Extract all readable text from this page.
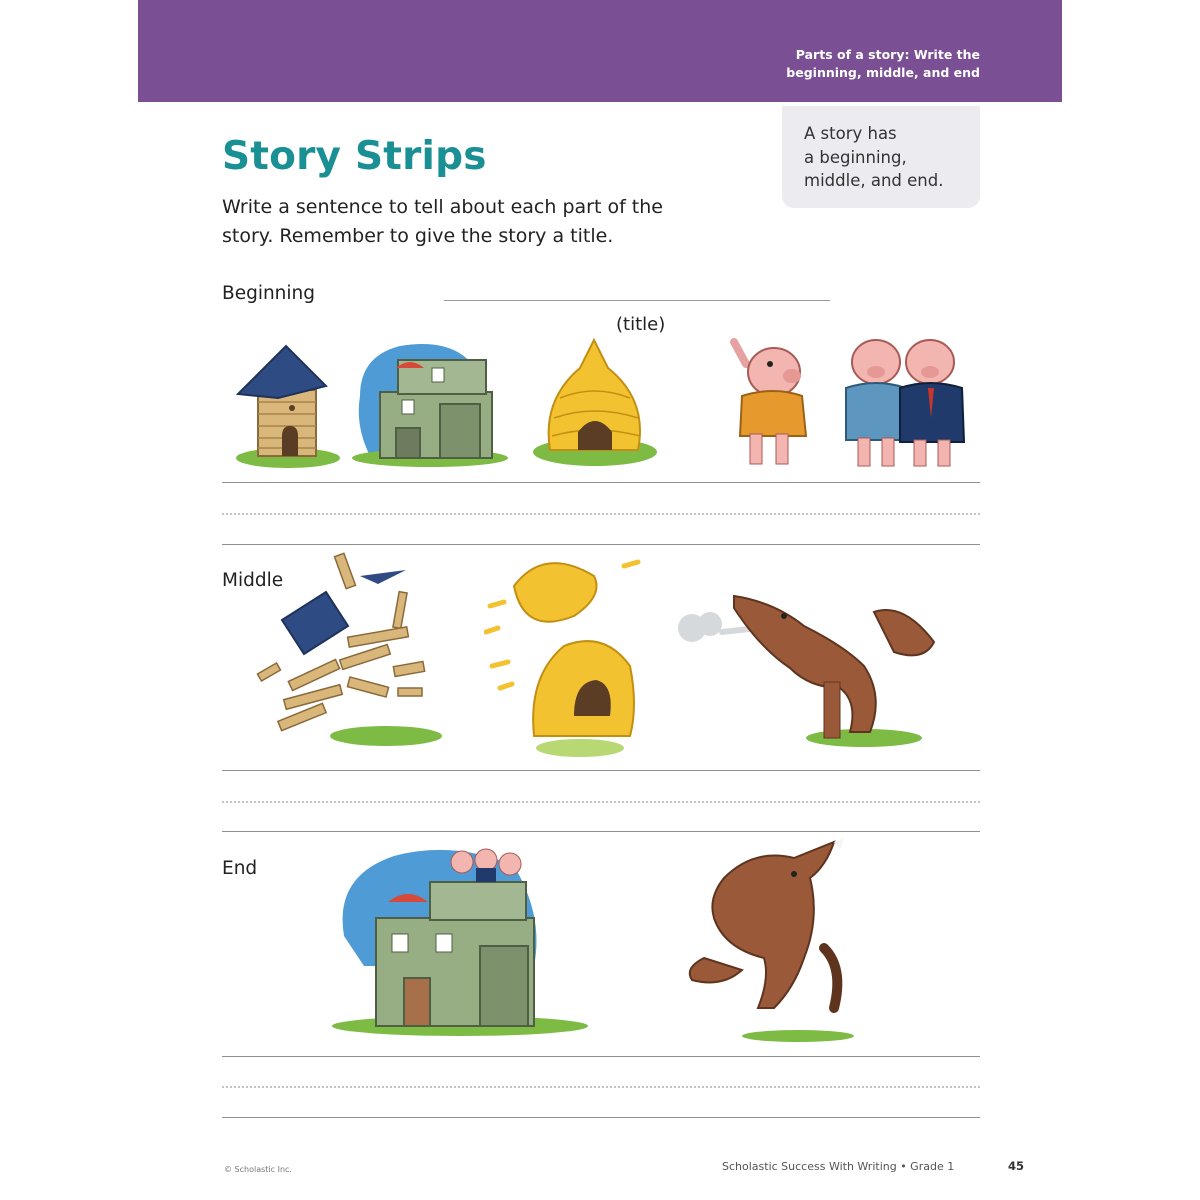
Parts of a story: Write the
beginning, middle, and end
A story has
a beginning,
middle, and end.
Story Strips
Write a sentence to tell about each part of the
story. Remember to give the story a title.
Beginning
(title)
Middle
End
© Scholastic Inc.	Scholastic Success With Writing • Grade 1	45
